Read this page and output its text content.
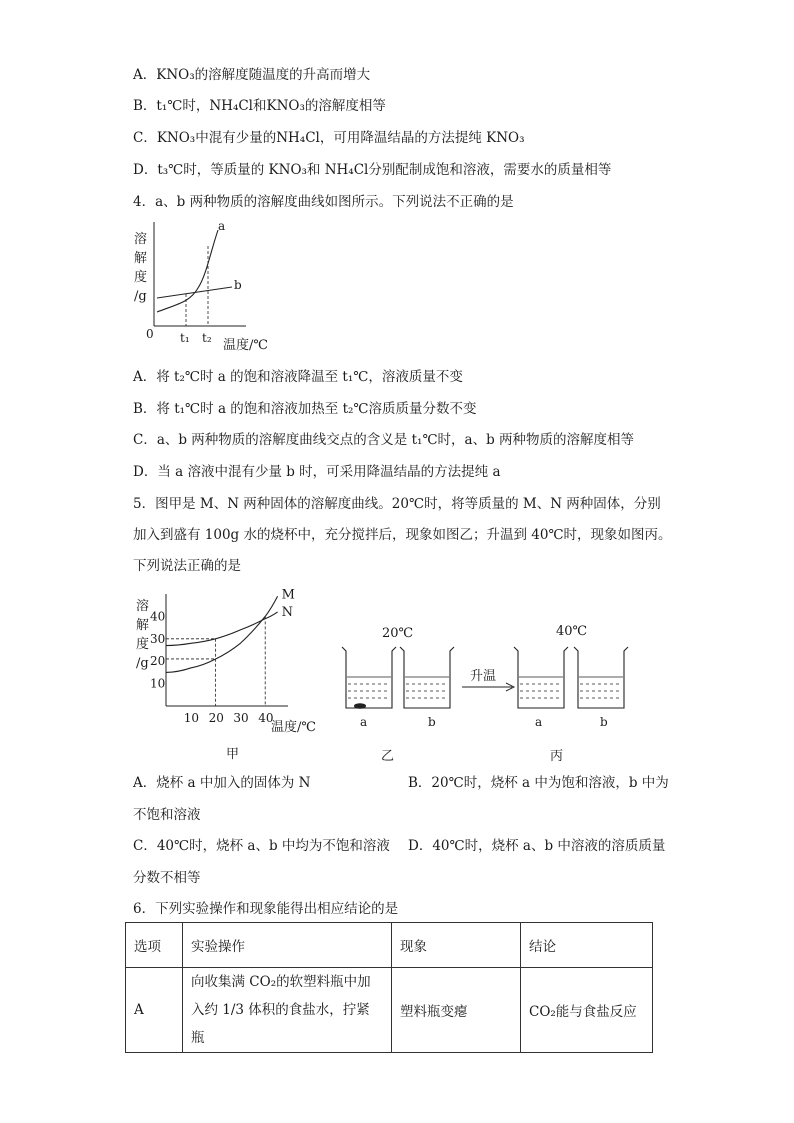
A．KNO₃的溶解度随温度的升高而增大
B．t₁℃时，NH₄Cl和KNO₃的溶解度相等
C．KNO₃中混有少量的NH₄Cl，可用降温结晶的方法提纯 KNO₃
D．t₃℃时，等质量的 KNO₃和 NH₄Cl分别配制成饱和溶液，需要水的质量相等
4．a、b 两种物质的溶解度曲线如图所示。下列说法不正确的是
溶
解
度
/g
0
a
b
t₁ t₂ 温度/℃
A．将 t₂℃时 a 的饱和溶液降温至 t₁℃，溶液质量不变
B．将 t₁℃时 a 的饱和溶液加热至 t₂℃溶质质量分数不变
C．a、b 两种物质的溶解度曲线交点的含义是 t₁℃时，a、b 两种物质的溶解度相等
D．当 a 溶液中混有少量 b 时，可采用降温结晶的方法提纯 a
5．图甲是 M、N 两种固体的溶解度曲线。20℃时，将等质量的 M、N 两种固体，分别
加入到盛有 100g 水的烧杯中，充分搅拌后，现象如图乙；升温到 40℃时，现象如图丙。
下列说法正确的是
溶
解
度
/g
温度/℃
甲
10
20
30
40
10 20 30 40
M
N
20℃	40℃
a	b
升温
a	b
乙	丙
A．烧杯 a 中加入的固体为 N	B．20℃时，烧杯 a 中为饱和溶液，b 中为
不饱和溶液
C．40℃时，烧杯 a、b 中均为不饱和溶液 D．40℃时，烧杯 a、b 中溶液的溶质质量
分数不相等
6．下列实验操作和现象能得出相应结论的是
选项	实验操作	现象	结论
A	向收集满 CO₂的软塑料瓶中加
入约 1/3 体积的食盐水，拧紧瓶	塑料瓶变瘪	CO₂能与食盐反应
